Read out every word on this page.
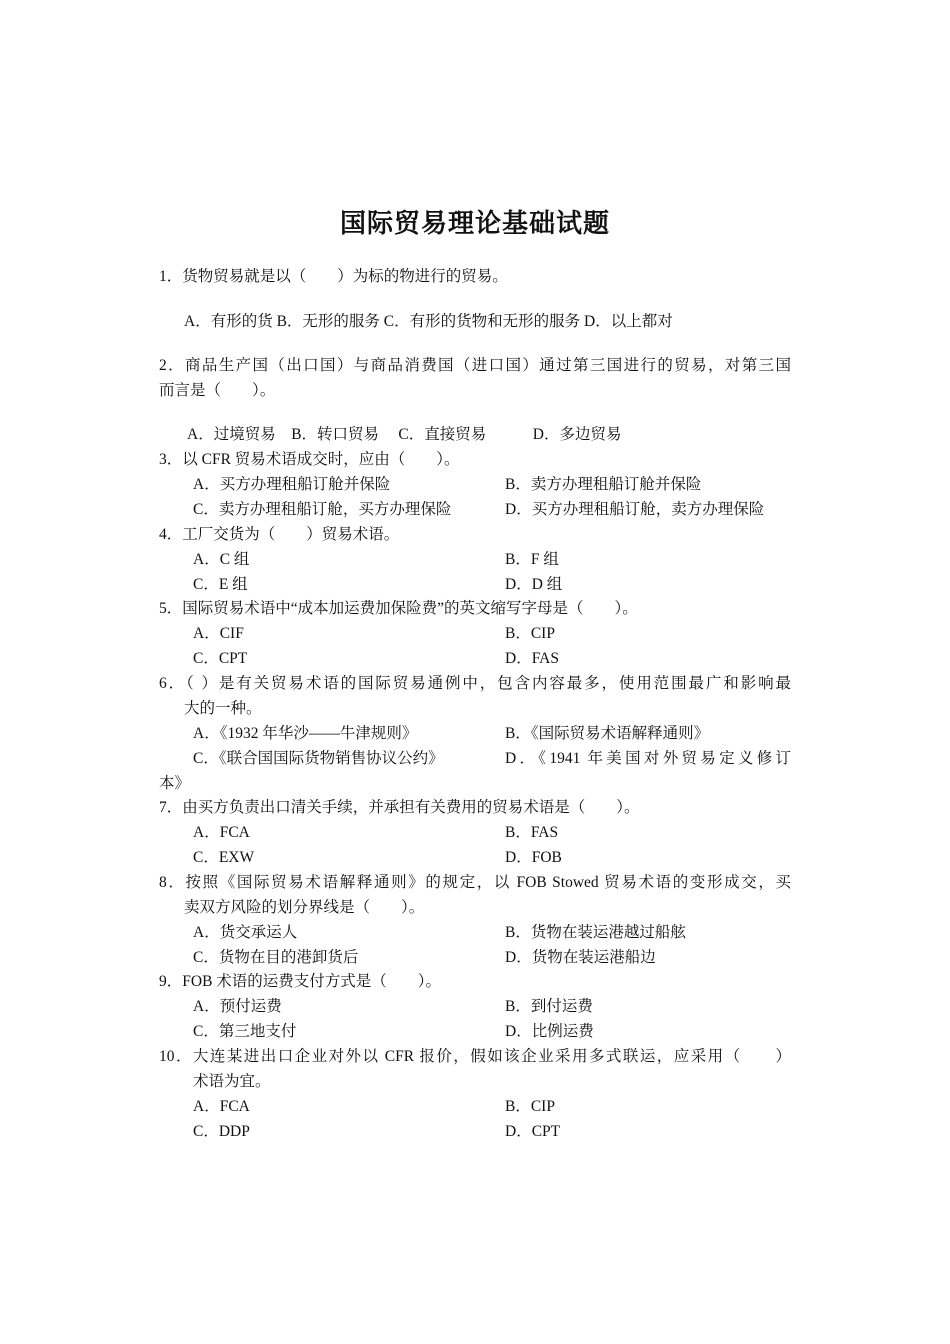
国际贸易理论基础试题
1．货物贸易就是以（　　）为标的物进行的贸易。
A．有形的货 B．无形的服务 C．有形的货物和无形的服务 D．以上都对
2．商品生产国（出口国）与商品消费国（进口国）通过第三国进行的贸易，对第三国
而言是（　　）。
A．过境贸易　B．转口贸易　 C．直接贸易　　　D．多边贸易
3．以 CFR 贸易术语成交时，应由（　　）。
A．买方办理租船订舱并保险	B．卖方办理租船订舱并保险
C．卖方办理租船订舱，买方办理保险	D．买方办理租船订舱，卖方办理保险
4．工厂交货为（　　）贸易术语。
A．C 组	B．F 组
C．E 组	D．D 组
5．国际贸易术语中“成本加运费加保险费”的英文缩写字母是（　　）。
A．CIF	B．CIP
C．CPT	D．FAS
6．（ ）是有关贸易术语的国际贸易通例中，包含内容最多，使用范围最广和影响最
大的一种。
A．《1932 年华沙——牛津规则》	B．《国际贸易术语解释通则》
C．《联合国国际货物销售协议公约》	D．《1941 年美国对外贸易定义修订
本》
7．由买方负责出口清关手续，并承担有关费用的贸易术语是（　　）。
A．FCA	B．FAS
C．EXW	D．FOB
8．按照《国际贸易术语解释通则》的规定，以 FOB Stowed 贸易术语的变形成交，买
卖双方风险的划分界线是（　　）。
A．货交承运人	B．货物在装运港越过船舷
C．货物在目的港卸货后	D．货物在装运港船边
9．FOB 术语的运费支付方式是（　　）。
A．预付运费	B．到付运费
C．第三地支付	D．比例运费
10．大连某进出口企业对外以 CFR 报价，假如该企业采用多式联运，应采用（　　）
术语为宜。
A．FCA	B．CIP
C．DDP	D．CPT
